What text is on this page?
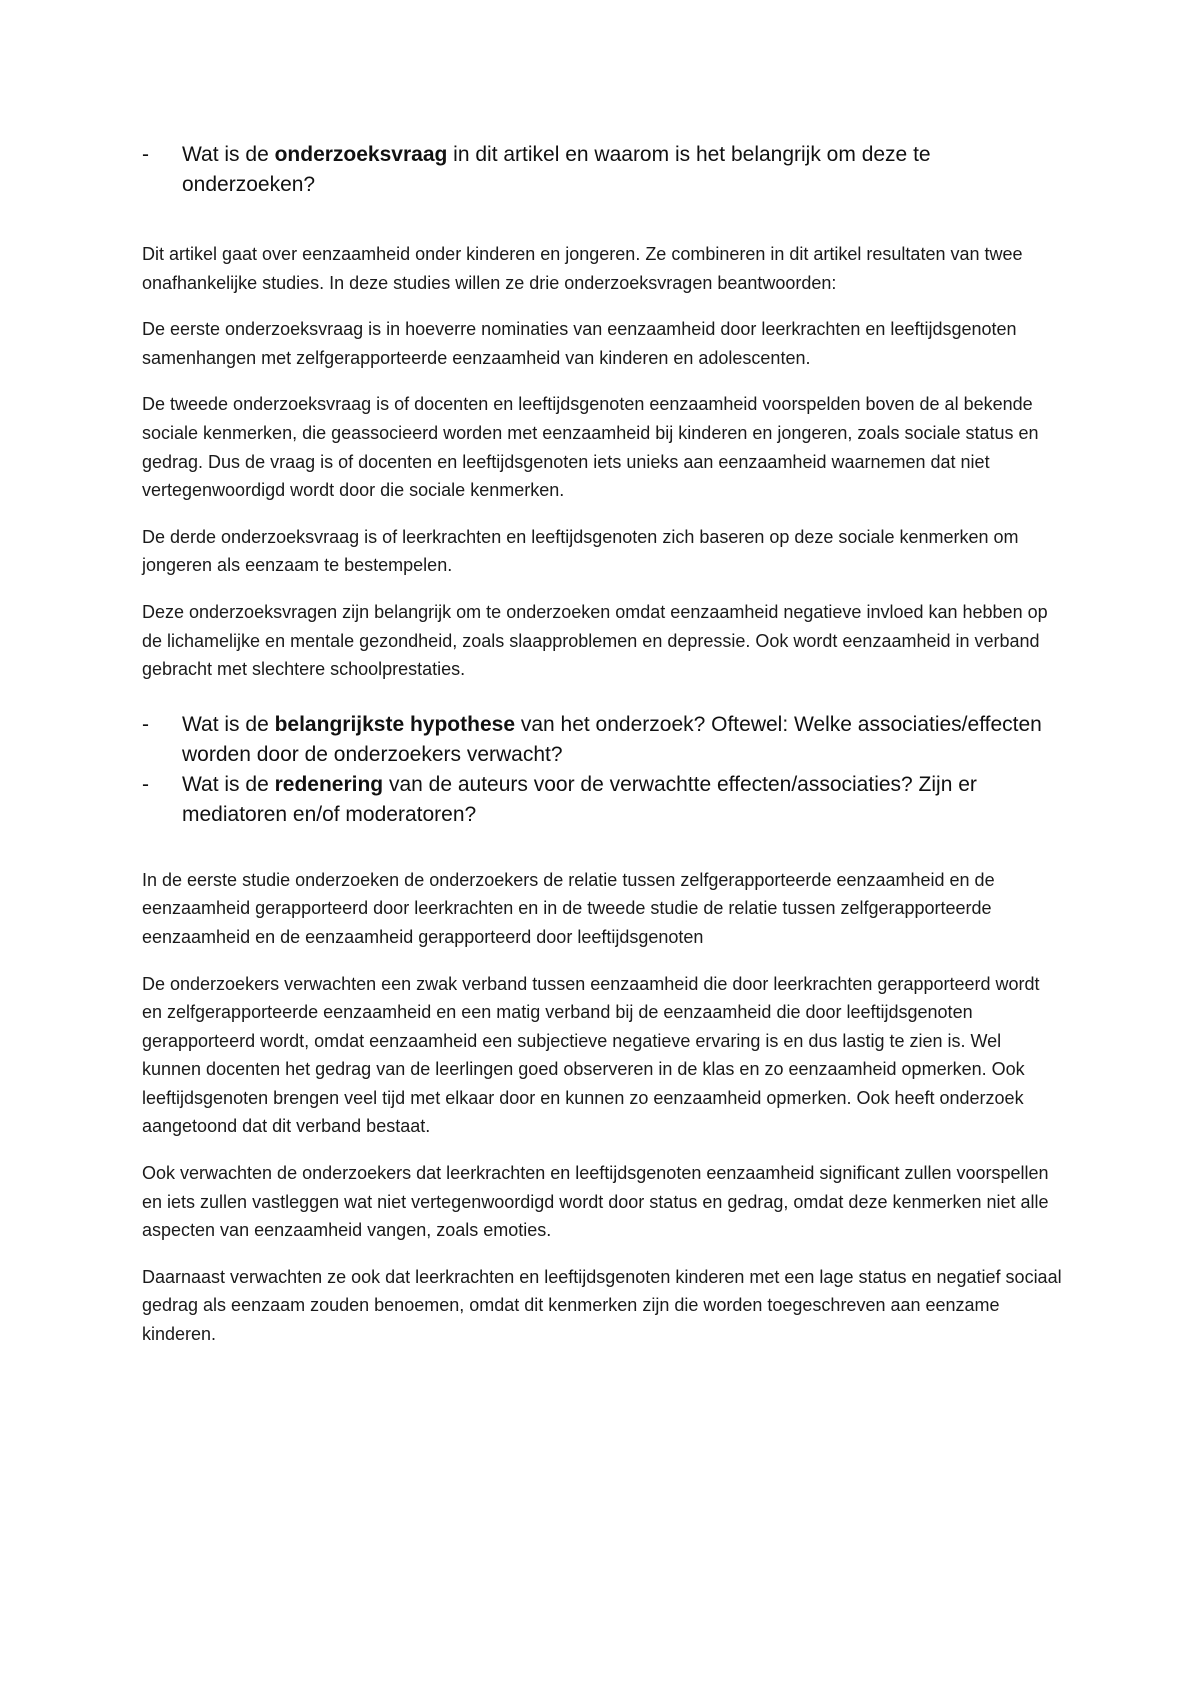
- Wat is de onderzoeksvraag in dit artikel en waarom is het belangrijk om deze te onderzoeken?

Dit artikel gaat over eenzaamheid onder kinderen en jongeren. Ze combineren in dit artikel resultaten van twee onafhankelijke studies. In deze studies willen ze drie onderzoeksvragen beantwoorden:

De eerste onderzoeksvraag is in hoeverre nominaties van eenzaamheid door leerkrachten en leeftijdsgenoten samenhangen met zelfgerapporteerde eenzaamheid van kinderen en adolescenten.

De tweede onderzoeksvraag is of docenten en leeftijdsgenoten eenzaamheid voorspelden boven de al bekende sociale kenmerken, die geassocieerd worden met eenzaamheid bij kinderen en jongeren, zoals sociale status en gedrag. Dus de vraag is of docenten en leeftijdsgenoten iets unieks aan eenzaamheid waarnemen dat niet vertegenwoordigd wordt door die sociale kenmerken.

De derde onderzoeksvraag is of leerkrachten en leeftijdsgenoten zich baseren op deze sociale kenmerken om jongeren als eenzaam te bestempelen.

Deze onderzoeksvragen zijn belangrijk om te onderzoeken omdat eenzaamheid negatieve invloed kan hebben op de lichamelijke en mentale gezondheid, zoals slaapproblemen en depressie. Ook wordt eenzaamheid in verband gebracht met slechtere schoolprestaties.

- Wat is de belangrijkste hypothese van het onderzoek? Oftewel: Welke associaties/effecten worden door de onderzoekers verwacht?
- Wat is de redenering van de auteurs voor de verwachtte effecten/associaties? Zijn er mediatoren en/of moderatoren?

In de eerste studie onderzoeken de onderzoekers de relatie tussen zelfgerapporteerde eenzaamheid en de eenzaamheid gerapporteerd door leerkrachten en in de tweede studie de relatie tussen zelfgerapporteerde eenzaamheid en de eenzaamheid gerapporteerd door leeftijdsgenoten

De onderzoekers verwachten een zwak verband tussen eenzaamheid die door leerkrachten gerapporteerd wordt en zelfgerapporteerde eenzaamheid en een matig verband bij de eenzaamheid die door leeftijdsgenoten gerapporteerd wordt, omdat eenzaamheid een subjectieve negatieve ervaring is en dus lastig te zien is. Wel kunnen docenten het gedrag van de leerlingen goed observeren in de klas en zo eenzaamheid opmerken. Ook leeftijdsgenoten brengen veel tijd met elkaar door en kunnen zo eenzaamheid opmerken. Ook heeft onderzoek aangetoond dat dit verband bestaat.

Ook verwachten de onderzoekers dat leerkrachten en leeftijdsgenoten eenzaamheid significant zullen voorspellen en iets zullen vastleggen wat niet vertegenwoordigd wordt door status en gedrag, omdat deze kenmerken niet alle aspecten van eenzaamheid vangen, zoals emoties.

Daarnaast verwachten ze ook dat leerkrachten en leeftijdsgenoten kinderen met een lage status en negatief sociaal gedrag als eenzaam zouden benoemen, omdat dit kenmerken zijn die worden toegeschreven aan eenzame kinderen.
